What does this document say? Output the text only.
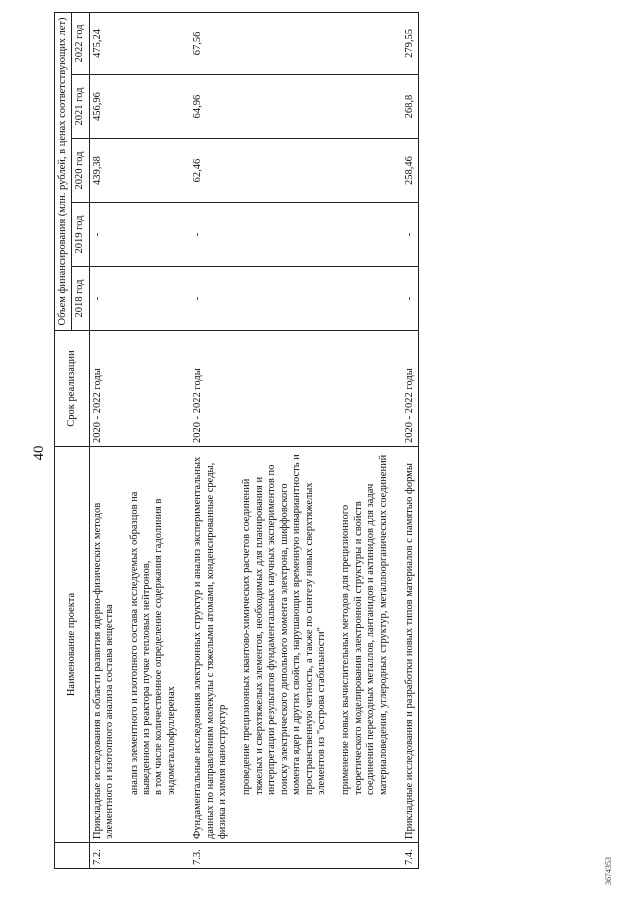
40
	Наименование проекта	Срок реализации	Объем финансирования (млн. рублей, в ценах соответствующих лет)				
			2018 год	2019 год	2020 год	2021 год	2022 год
7.2.	Прикладные исследования в области развития ядерно-физических методов элементного и изотопного анализа состава вещества анализ элементного и изотопного состава исследуемых образцов на выведенном из реактора пучке тепловых нейтронов, в том числе количественное определение содержания гадолиния в эндометаллофуллеренах	2020 - 2022 годы	-	-	439,38	456,96	475,24
7.3.	Фундаментальные исследования электронных структур и анализ экспериментальных данных по направлениям молекулы с тяжелыми атомами, конденсированные среды, физика и химия наноструктур проведение прецизионных квантово-химических расчетов соединений тяжелых и сверхтяжелых элементов, необходимых для планирования и интерпретации результатов фундаментальных научных экспериментов по поиску электрического дипольного момента электрона, шиффовского момента ядер и других свойств, нарушающих временную инвариантность и пространственную четность, а также по синтезу новых сверхтяжелых элементов из "острова стабильности" применение новых вычислительных методов для прецизионного теоретического моделирования электронной структуры и свойств соединений переходных металлов, лантанидов и актинидов для задач материаловедения, углеродных структур, металлоорганических соединений	2020 - 2022 годы	-	-	62,46	64,96	67,56
7.4.	Прикладные исследования и разработки новых типов материалов с памятью формы	2020 - 2022 годы	-	-	258,46	268,8	279,55
3674353
